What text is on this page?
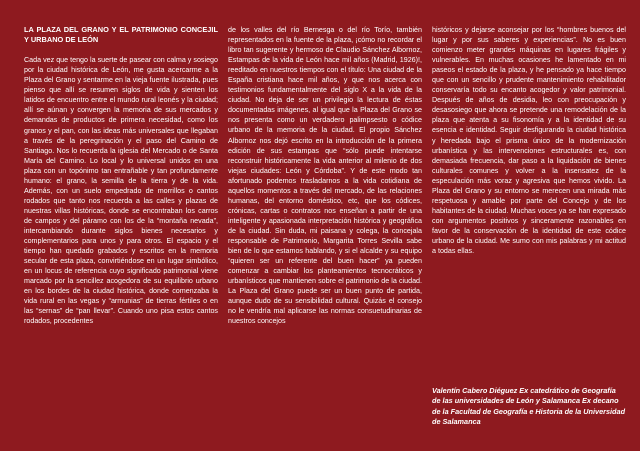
LA PLAZA DEL GRANO Y EL PATRIMONIO CONCEJIL Y URBANO DE LEÓN

Cada vez que tengo la suerte de pasear con calma y sosiego por la ciudad histórica de León, me gusta acercarme a la Plaza del Grano y sentarme en la vieja fuente ilustrada, pues pienso que allí se resumen siglos de vida y sienten los latidos de encuentro entre el mundo rural leonés y la ciudad; allí se aúnan y convergen la memoria de sus mercados y demandas de productos de primera necesidad, como los granos y el pan, con las ideas más universales que llegaban a través de la peregrinación y el paso del Camino de Santiago. Nos lo recuerda la iglesia del Mercado o de Santa María del Camino. Lo local y lo universal unidos en una plaza con un topónimo tan entrañable y tan profundamente humano: el grano, la semilla de la tierra y de la vida. Además, con un suelo empedrado de morrillos o cantos rodados que tanto nos recuerda a las calles y plazas de nuestras villas históricas, donde se encontraban los carros de campos y del páramo con los de la “montaña nevada”, intercambiando durante siglos bienes necesarios y complementarios para unos y para otros. El espacio y el tiempo han quedado grabados y escritos en la memoria secular de esta plaza, convirtiéndose en un lugar simbólico, en un locus de referencia cuyo significado patrimonial viene marcado por la sencillez acogedora de su equilibrio urbano en los bordes de la ciudad histórica, donde comenzaba la vida rural en las vegas y “armunias” de tierras fértiles o en las “sernas” de “pan llevar”. Cuando uno pisa estos cantos rodados, procedentes

de los valles del río Bernesga o del río Torío, también representados en la fuente de la plaza, ¡cómo no recordar el libro tan sugerente y hermoso de Claudio Sánchez Albornoz, Estampas de la vida de León hace mil años (Madrid, 1926)!, reeditado en nuestros tiempos con el título: Una ciudad de la España cristiana hace mil años, y que nos acerca con testimonios fundamentalmente del siglo X a la vida de la ciudad. No deja de ser un privilegio la lectura de éstas documentadas imágenes, al igual que la Plaza del Grano se nos presenta como un verdadero palimpsesto o códice urbano de la memoria de la ciudad. El propio Sánchez Albornoz nos dejó escrito en la introducción de la primera edición de sus estampas que “sólo puede intentarse reconstruir históricamente la vida anterior al milenio de dos viejas ciudades: León y Córdoba”. Y de este modo tan afortunado podemos trasladarnos a la vida cotidiana de aquellos momentos a través del mercado, de las relaciones humanas, del entorno doméstico, etc, que los códices, crónicas, cartas o contratos nos enseñan a partir de una inteligente y apasionada interpretación histórica y geográfica de la ciudad. Sin duda, mi paisana y colega, la concejala responsable de Patrimonio, Margarita Torres Sevilla sabe bien de lo que estamos hablando, y si el alcalde y su equipo “quieren ser un referente del buen hacer” ya pueden comenzar a cambiar los planteamientos tecnocráticos y urbanísticos que mantienen sobre el patrimonio de la ciudad. La Plaza del Grano puede ser un buen punto de partida, aunque dudo de su sensibilidad cultural. Quizás el consejo no le vendría mal aplicarse las normas consuetudinarias de nuestros concejos

históricos y dejarse aconsejar por los “hombres buenos del lugar y por sus saberes y experiencias”. No es buen comienzo meter grandes máquinas en lugares frágiles y vulnerables. En muchas ocasiones he lamentado en mi paseos el estado de la plaza, y he pensado ya hace tiempo que con un sencillo y prudente mantenimiento rehabilitador conservaría todo su encanto acogedor y valor patrimonial. Después de años de desidia, leo con preocupación y desasosiego que ahora se pretende una remodelación de la plaza que atenta a su fisonomía y a la identidad de su esencia e identidad. Seguir desfigurando la ciudad histórica y heredada bajo el prisma único de la modernización urbanística y las intervenciones estructurales es, con demasiada frecuencia, dar paso a la liquidación de bienes culturales comunes y volver a la insensatez de la especulación más voraz y agresiva que hemos vivido. La Plaza del Grano y su entorno se merecen una mirada más respetuosa y amable por parte del Concejo y de los habitantes de la ciudad. Muchas voces ya se han expresado con argumentos positivos y sinceramente razonables en favor de la conservación de la identidad de este códice urbano de la ciudad. Me sumo con mis palabras y mi actitud a todas ellas.

Valentín Cabero Diéguez Ex catedrático de Geografía de las universidades de León y Salamanca Ex decano de la Facultad de Geografía e Historia de la Universidad de Salamanca
